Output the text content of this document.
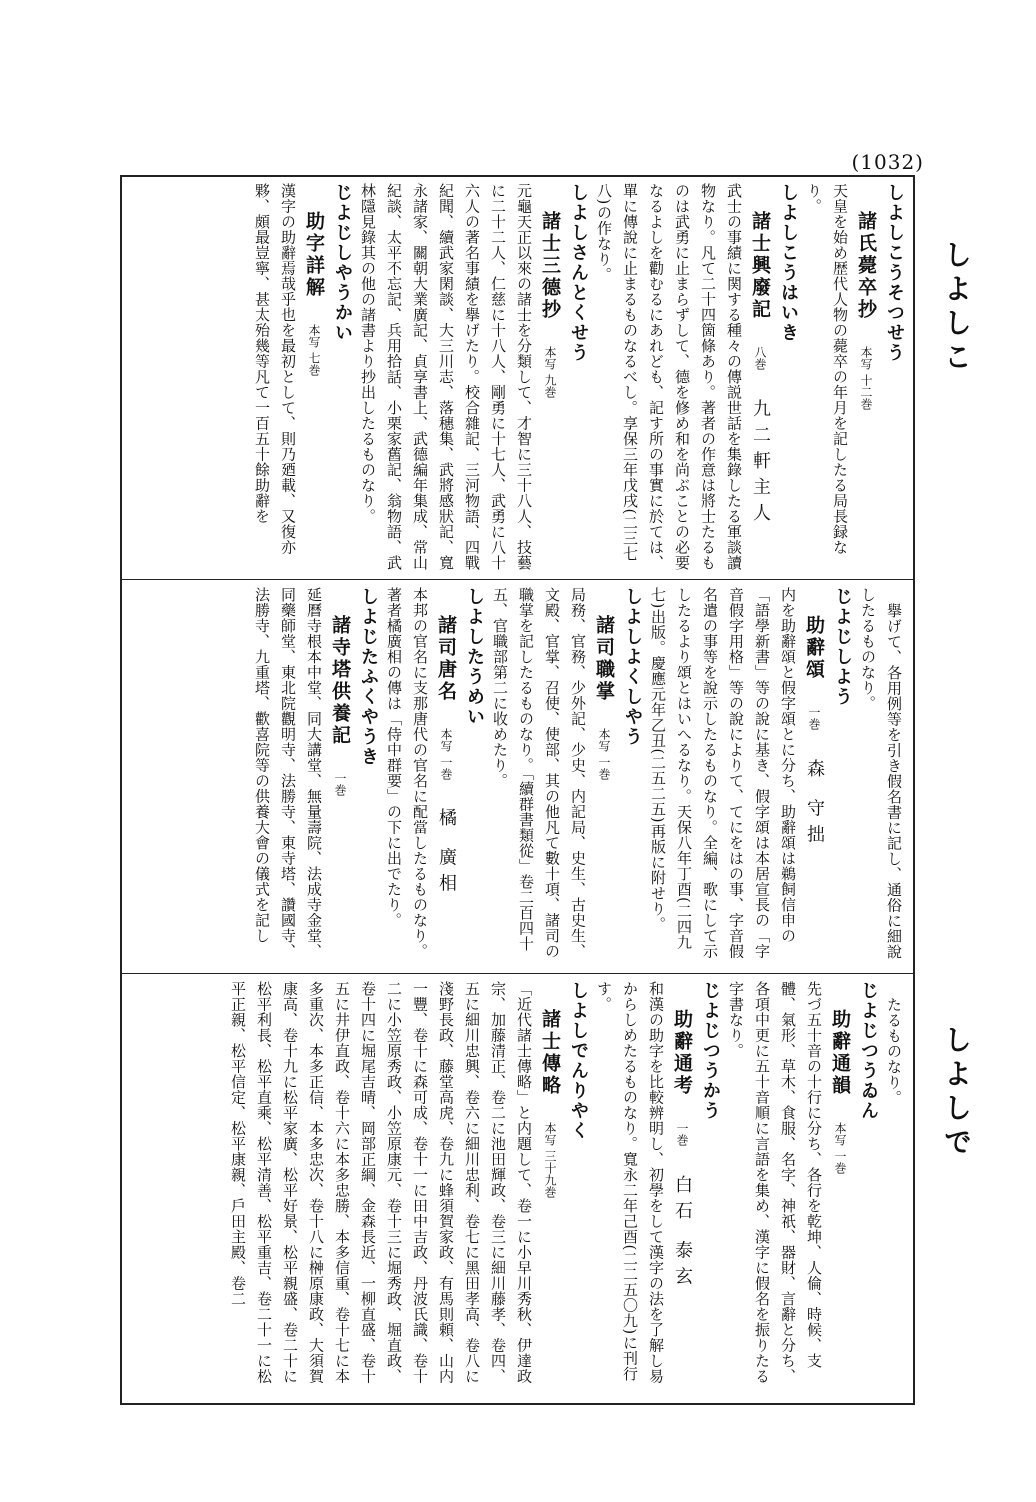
(1032)
しよしこ
しよしで
しよしこうそつせう
諸氏薨卒抄 本写 十二巻
天皇を始め歴代人物の薨卒の年月を記したる局長録なり。
しよしこうはいき
諸士興廢記 八巻 九二軒主人
武士の事績に関する種々の傳説世話を集錄したる軍談讀物なり。凡て二十四箇條あり。著者の作意は將士たるものは武勇に止まらずして、德を修め和を尚ぶことの必要なるよしを勸むるにあれども、記す所の事實に於ては、單に傳說に止まるものなるべし。享保三年戊戌(二三七八)の作なり。
しよしさんとくせう
諸士三德抄 本写 九巻
元龜天正以來の諸士を分類して、才智に三十八人、技藝に二十二人、仁慈に十八人、剛勇に十七人、武勇に八十六人の著名事績を擧げたり。校合雜記、三河物語、四戰紀聞、續武家閑談、大三川志、落穗集、武將感狀記、寬永諸家、關朝大業廣記、貞享書上、武德編年集成、常山紀談、太平不忘記、兵用拾話、小栗家舊記、翁物語、武林隱見錄其の他の諸書より抄出したるものなり。
じよじしやうかい
助字詳解 本写 七巻
漢字の助辭焉哉乎也を最初として、則乃廼載、又復亦夥、頗最豈寧、甚太殆幾等凡て一百五十餘助辭を
擧げて、各用例等を引き假名書に記し、通俗に細說したるものなり。
じよじしよう
助辭頌 一巻 森 守拙
内を助辭頌と假字頌とに分ち、助辭頌は鵜飼信申の「語學新書」等の說に基き、假字頌は本居宣長の「字音假字用格」等の說によりて、てにをはの事、字音假名遣の事等を說示したるものなり。全編、歌にして示したるより頌とはいへるなり。天保八年丁酉(二四九七)出版。慶應元年乙丑(二五二五)再版に附せり。
しよしよくしやう
諸司職掌 本写 一巻
局務、官務、少外記、少史、内記局、史生、古史生、文殿、官掌、召使、使部、其の他凡て數十項、諸司の職掌を記したるものなり。「續群書類從」卷二百四十五、官職部第二に收めたり。
しよしたうめい
諸司唐名 本写 一巻 橘 廣相
本邦の官名に支那唐代の官名に配當したるものなり。著者橘廣相の傳は「侍中群要」の下に出でたり。
しよじたふくやうき
諸寺塔供養記 一巻
延曆寺根本中堂、同大講堂、無量壽院、法成寺金堂、同藥師堂、東北院觀明寺、法勝寺、東寺塔、讚國寺、法勝寺、九重塔、歡喜院等の供養大會の儀式を記し
たるものなり。
じよじつうゐん
助辭通韻 本写 一巻
先づ五十音の十行に分ち、各行を乾坤、人倫、時候、支體、氣形、草木、食服、名字、神祇、器財、言辭と分ち、各項中更に五十音順に言語を集め、漢字に假名を振りたる字書なり。
じよじつうかう
助辭通考 一巻 白石 泰玄
和漢の助字を比較辨明し、初學をして漢字の法を了解し易からしめたるものなり。寬永二年己酉(二二五〇九)に刊行す。
しよしでんりやく
諸士傳略 本写 三十九巻
「近代諸士傳略」と内題して、卷一に小早川秀秋、伊達政宗、加藤清正、卷二に池田輝政、卷三に細川藤孝、卷四、五に細川忠興、卷六に細川忠利、卷七に黑田孝高、卷八に淺野長政、藤堂高虎、卷九に蜂須賀家政、有馬則頼、山内一豐、卷十に森可成、卷十一に田中吉政、丹波氏識、卷十二に小笠原秀政、小笠原康元、卷十三に堀秀政、堀直政、卷十四に堀尾吉晴、岡部正綱、金森長近、一柳直盛、卷十五に井伊直政、卷十六に本多忠勝、本多信重、卷十七に本多重次、本多正信、本多忠次、卷十八に榊原康政、大須賀康高、卷十九に松平家廣、松平好景、松平親盛、卷二十に松平利長、松平直乘、松平清善、松平重吉、卷二十一に松平正親、松平信定、松平康親、戶田主殿、卷二
